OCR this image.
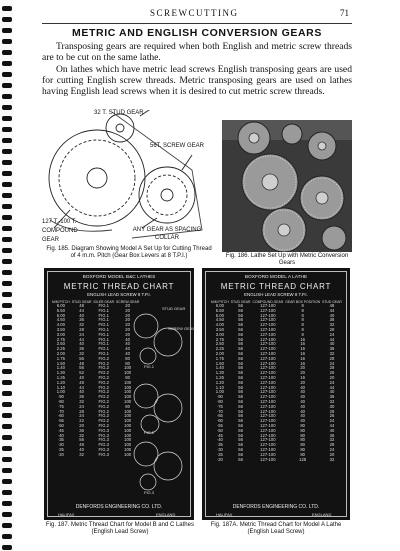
SCREWCUTTING	71
METRIC AND ENGLISH CONVERSION GEARS

Transposing gears are required when both English and metric screw threads are to be cut on the same lathe.

On lathes which have metric lead screws English transposing gears are used for cutting English screw threads. Metric transposing gears are used on lathes having English lead screws when it is desired to cut metric screw threads.

32 T. STUD GEAR
56T. SCREW GEAR
127 T.-100 T. COMPOUND GEAR
ANY GEAR AS SPACING COLLAR
Fig. 185. Diagram Showing Model A Set Up for Cutting Thread of 4 m.m. Pitch (Gear Box Levers at 8 T.P.I.)	Fig. 186. Lathe Set Up with Metric Conversion Gears
BOXFORD MODEL B&C LATHES
METRIC THREAD CHART
ENGLISH LEAD SCREW 8 T.P.I.
M/M PITCH	STUD GEAR	IDLER GEAR	SCREW GEAR
6.00	48	FIG.1	20
5.50	44	FIG.1	20
5.00	40	FIG.1	20
4.50	36	FIG.1	20
4.00	32	FIG.1	20
3.50	28	FIG.1	20
3.00	24	FIG.1	20
2.75	44	FIG.1	40
2.50	40	FIG.1	40
2.25	36	FIG.1	40
2.00	32	FIG.1	40
1.75	56	FIG.2	80
1.50	48	FIG.2	80
1.40	56	FIG.2	100
1.30	52	FIG.2	100
1.25	40	FIG.2	80
1.20	48	FIG.2	100
1.10	44	FIG.2	100
1.00	40	FIG.2	100
·90	36	FIG.2	100
·80	32	FIG.2	100
·75	24	FIG.2	80
·70	28	FIG.2	100
·60	24	FIG.2	100
·55	22	FIG.2	100
·50	20	FIG.2	100
·45	36	FIG.3	100
·40	32	FIG.3	100
·35	56	FIG.3	100
·30	48	FIG.3	100
·25	40	FIG.3	100
·20	32	FIG.3	100
STUD GEAR
SCREW GEAR
FIG.1
FIG.2
FIG.3
DENFORDS ENGINEERING CO. LTD.
HALIFAX	ENGLAND
Fig. 187. Metric Thread Chart for Model B and C Lathes (English Lead Screw)
BOXFORD MODEL A LATHE
METRIC THREAD CHART
ENGLISH LEAD SCREW 8 T.P.I.
M/M PITCH	STUD GEAR	COMPOUND GEAR	GEAR BOX POSITION	STUD GEAR
6.00	56	127-100	8	48
5.50	56	127-100	8	44
5.00	56	127-100	8	40
4.50	56	127-100	8	36
4.00	56	127-100	8	32
3.50	56	127-100	8	28
3.00	56	127-100	8	24
2.75	56	127-100	16	44
2.50	56	127-100	16	40
2.25	56	127-100	16	36
2.00	56	127-100	16	32
1.75	56	127-100	16	28
1.50	56	127-100	16	24
1.40	56	127-100	20	28
1.30	56	127-100	20	26
1.25	56	127-100	16	20
1.20	56	127-100	20	24
1.10	56	127-100	40	44
1.00	56	127-100	40	40
·90	56	127-100	40	36
·80	56	127-100	40	32
·75	56	127-100	40	30
·70	56	127-100	40	28
·65	56	127-100	40	26
·60	56	127-100	40	24
·55	56	127-100	80	44
·50	56	127-100	80	40
·45	56	127-100	80	36
·40	56	127-100	80	32
·35	56	127-100	80	28
·30	56	127-100	80	24
·25	56	127-100	80	20
·20	56	127-100	128	32
DENFORDS ENGINEERING CO. LTD.
HALIFAX	ENGLAND
Fig. 187A. Metric Thread Chart for Model A Lathe (English Lead Screw)
